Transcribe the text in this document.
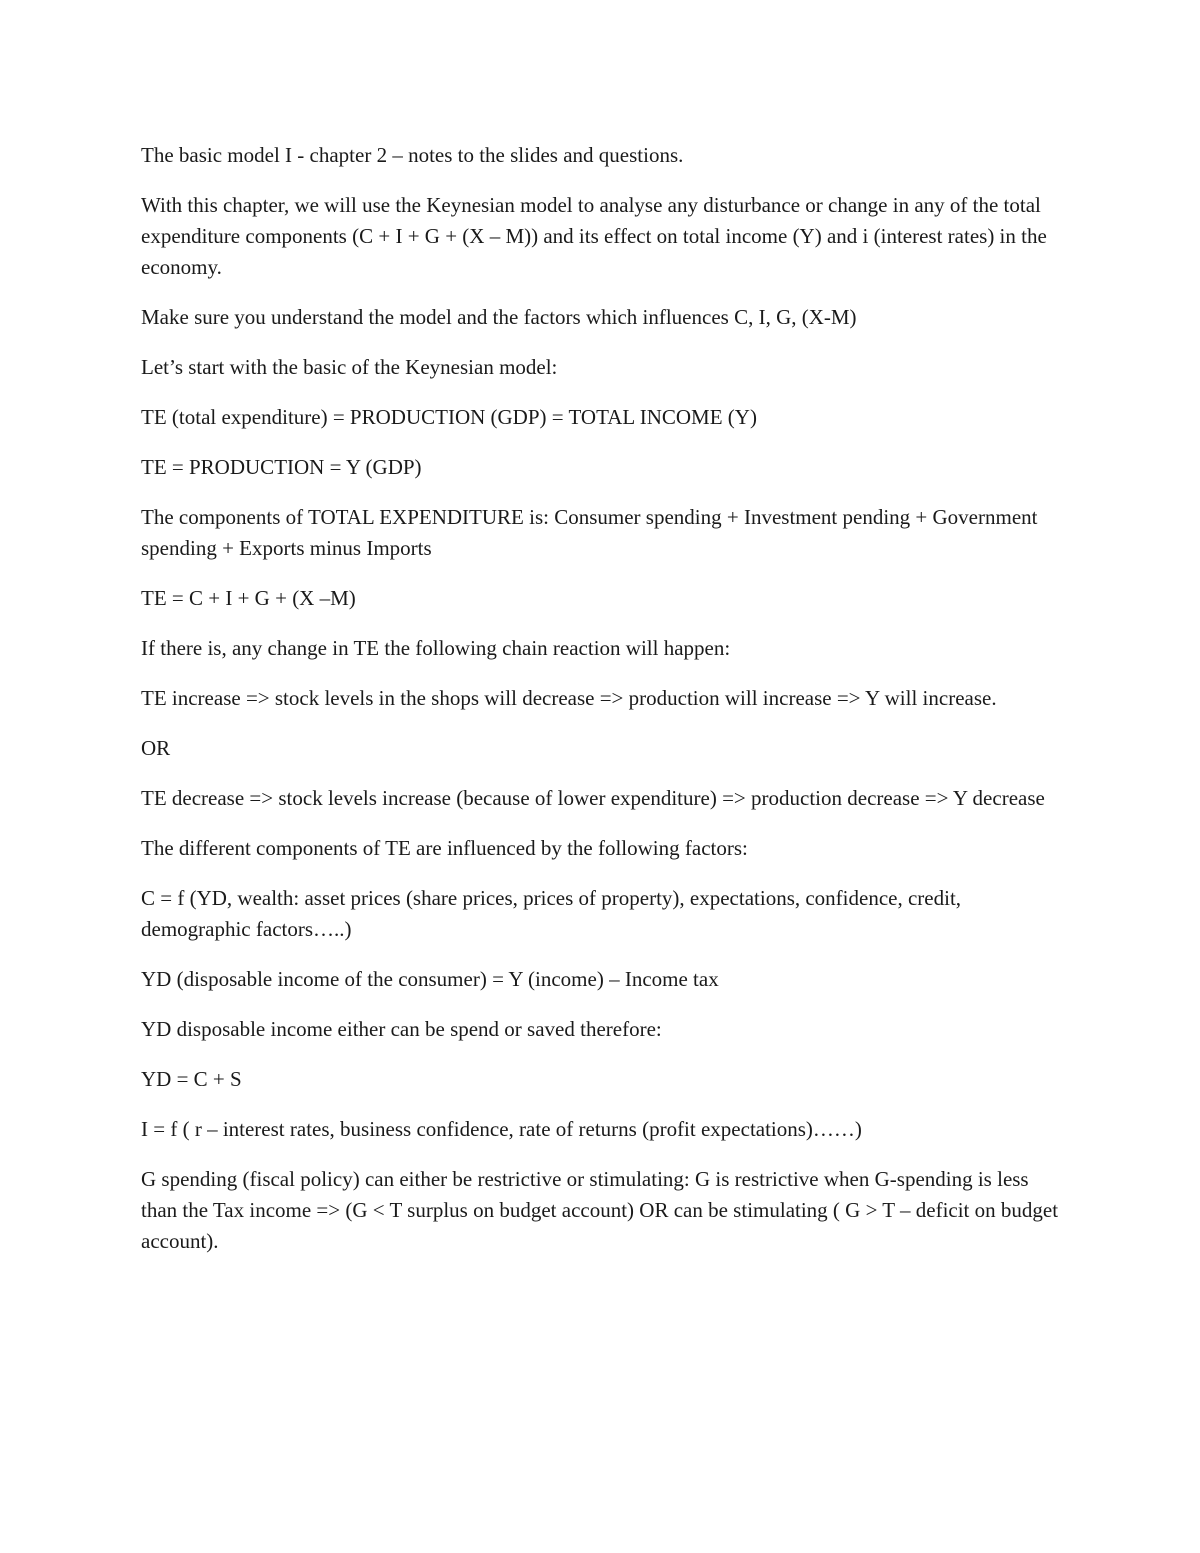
The basic model I - chapter 2 – notes to the slides and questions.

With this chapter, we will use the Keynesian model to analyse any disturbance or change in any of the total expenditure components (C + I + G + (X – M)) and its effect on total income (Y) and i (interest rates) in the economy.

Make sure you understand the model and the factors which influences C, I, G, (X-M)

Let’s start with the basic of the Keynesian model:

TE (total expenditure) = PRODUCTION (GDP) = TOTAL INCOME (Y)

TE = PRODUCTION = Y (GDP)

The components of TOTAL EXPENDITURE is: Consumer spending + Investment pending + Government spending + Exports minus Imports

TE = C + I + G + (X –M)

If there is, any change in TE the following chain reaction will happen:

TE increase => stock levels in the shops will decrease => production will increase => Y will increase.

OR

TE decrease => stock levels increase (because of lower expenditure) => production decrease => Y decrease

The different components of TE are influenced by the following factors:

C = f (YD, wealth: asset prices (share prices, prices of property), expectations, confidence, credit, demographic factors…..)

YD (disposable income of the consumer) = Y (income) – Income tax

YD disposable income either can be spend or saved therefore:

YD = C + S

I = f ( r – interest rates, business confidence, rate of returns (profit expectations)……)

G spending (fiscal policy) can either be restrictive or stimulating: G is restrictive when G-spending is less than the Tax income => (G < T surplus on budget account) OR can be stimulating ( G > T – deficit on budget account).
